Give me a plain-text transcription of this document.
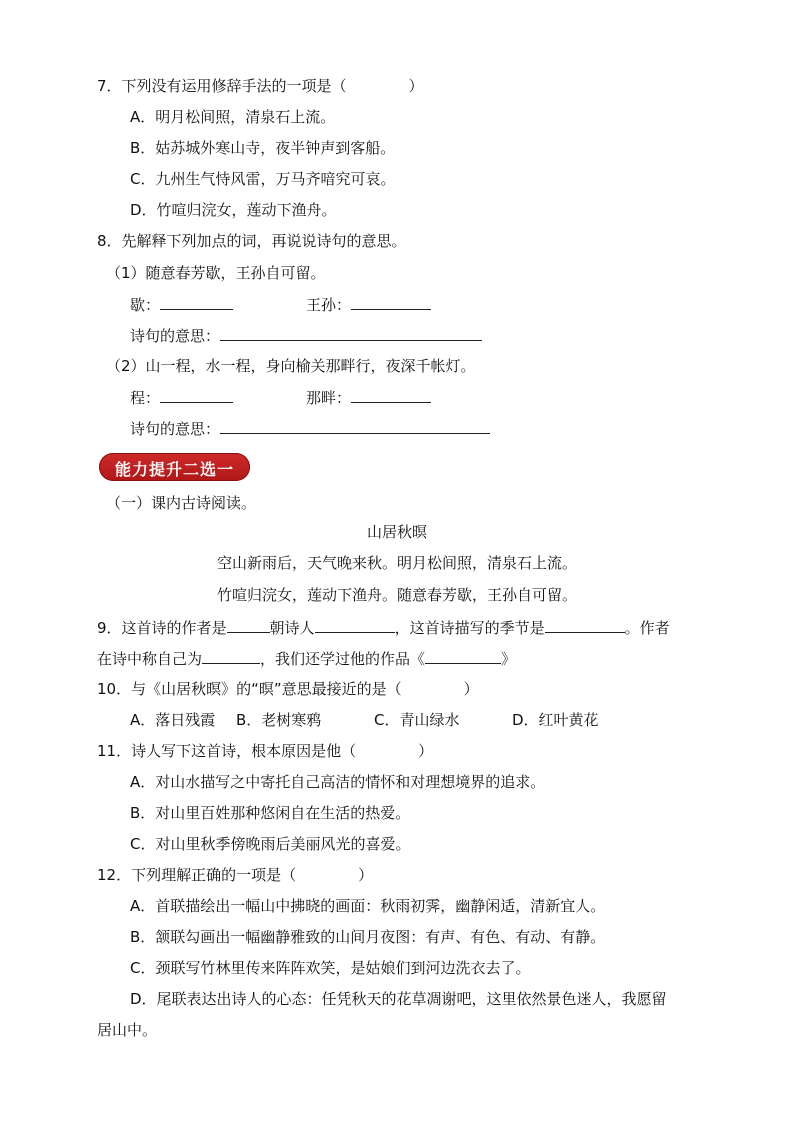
7．下列没有运用修辞手法的一项是（	）
A．明月松间照，清泉石上流。
B．姑苏城外寒山寺，夜半钟声到客船。
C．九州生气恃风雷，万马齐喑究可哀。
D．竹喧归浣女，莲动下渔舟。
8．先解释下列加点的词，再说说诗句的意思。
（1）随意春芳歇，王孙自可留。
歇：	王孙：
诗句的意思：
（2）山一程，水一程，身向榆关那畔行，夜深千帐灯。
程：	那畔：
诗句的意思：
能力提升二选一
（一）课内古诗阅读。
山居秋暝
空山新雨后，天气晚来秋。明月松间照，清泉石上流。
竹喧归浣女，莲动下渔舟。随意春芳歇，王孙自可留。
9．这首诗的作者是	朝诗人	，这首诗描写的季节是	。作者
在诗中称自己为	，我们还学过他的作品《	》
10．与《山居秋暝》的“暝”意思最接近的是（	）
A．落日残霞 B．老树寒鸦	C．青山绿水	D．红叶黄花
11．诗人写下这首诗，根本原因是他（	）
A．对山水描写之中寄托自己高洁的情怀和对理想境界的追求。
B．对山里百姓那种悠闲自在生活的热爱。
C．对山里秋季傍晚雨后美丽风光的喜爱。
12．下列理解正确的一项是（	）
A．首联描绘出一幅山中拂晓的画面：秋雨初霁，幽静闲适，清新宜人。
B．颔联勾画出一幅幽静雅致的山间月夜图：有声、有色、有动、有静。
C．颈联写竹林里传来阵阵欢笑，是姑娘们到河边洗衣去了。
D．尾联表达出诗人的心态：任凭秋天的花草凋谢吧，这里依然景色迷人，我愿留
居山中。
